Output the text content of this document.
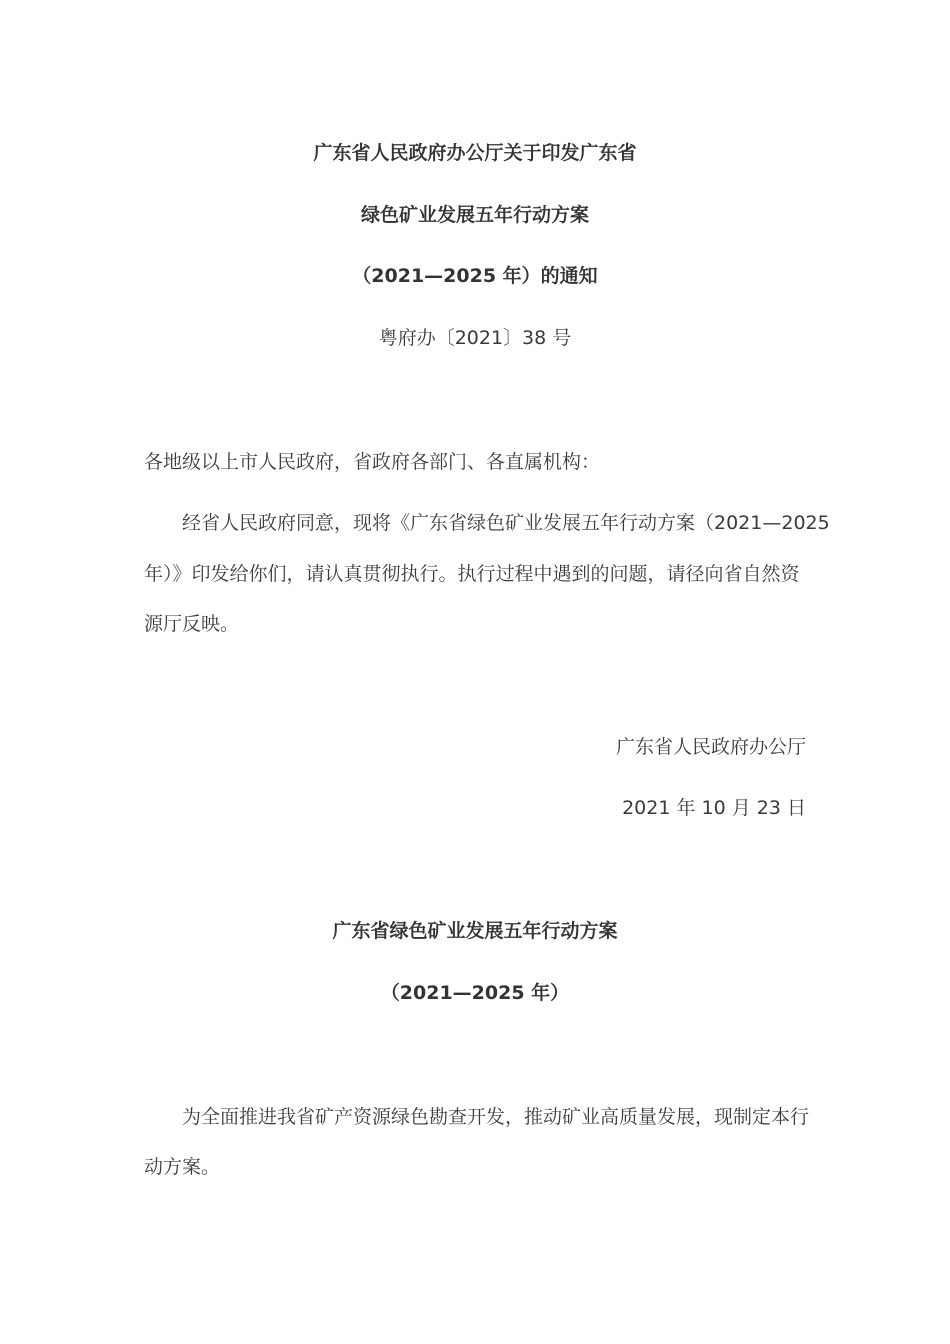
广东省人民政府办公厅关于印发广东省
绿色矿业发展五年行动方案
（2021—2025 年）的通知
粤府办〔2021〕38 号
各地级以上市人民政府，省政府各部门、各直属机构：
经省人民政府同意，现将《广东省绿色矿业发展五年行动方案（2021—2025
年）》印发给你们，请认真贯彻执行。执行过程中遇到的问题，请径向省自然资
源厅反映。
广东省人民政府办公厅
2021 年 10 月 23 日
广东省绿色矿业发展五年行动方案
（2021—2025 年）
为全面推进我省矿产资源绿色勘查开发，推动矿业高质量发展，现制定本行
动方案。
